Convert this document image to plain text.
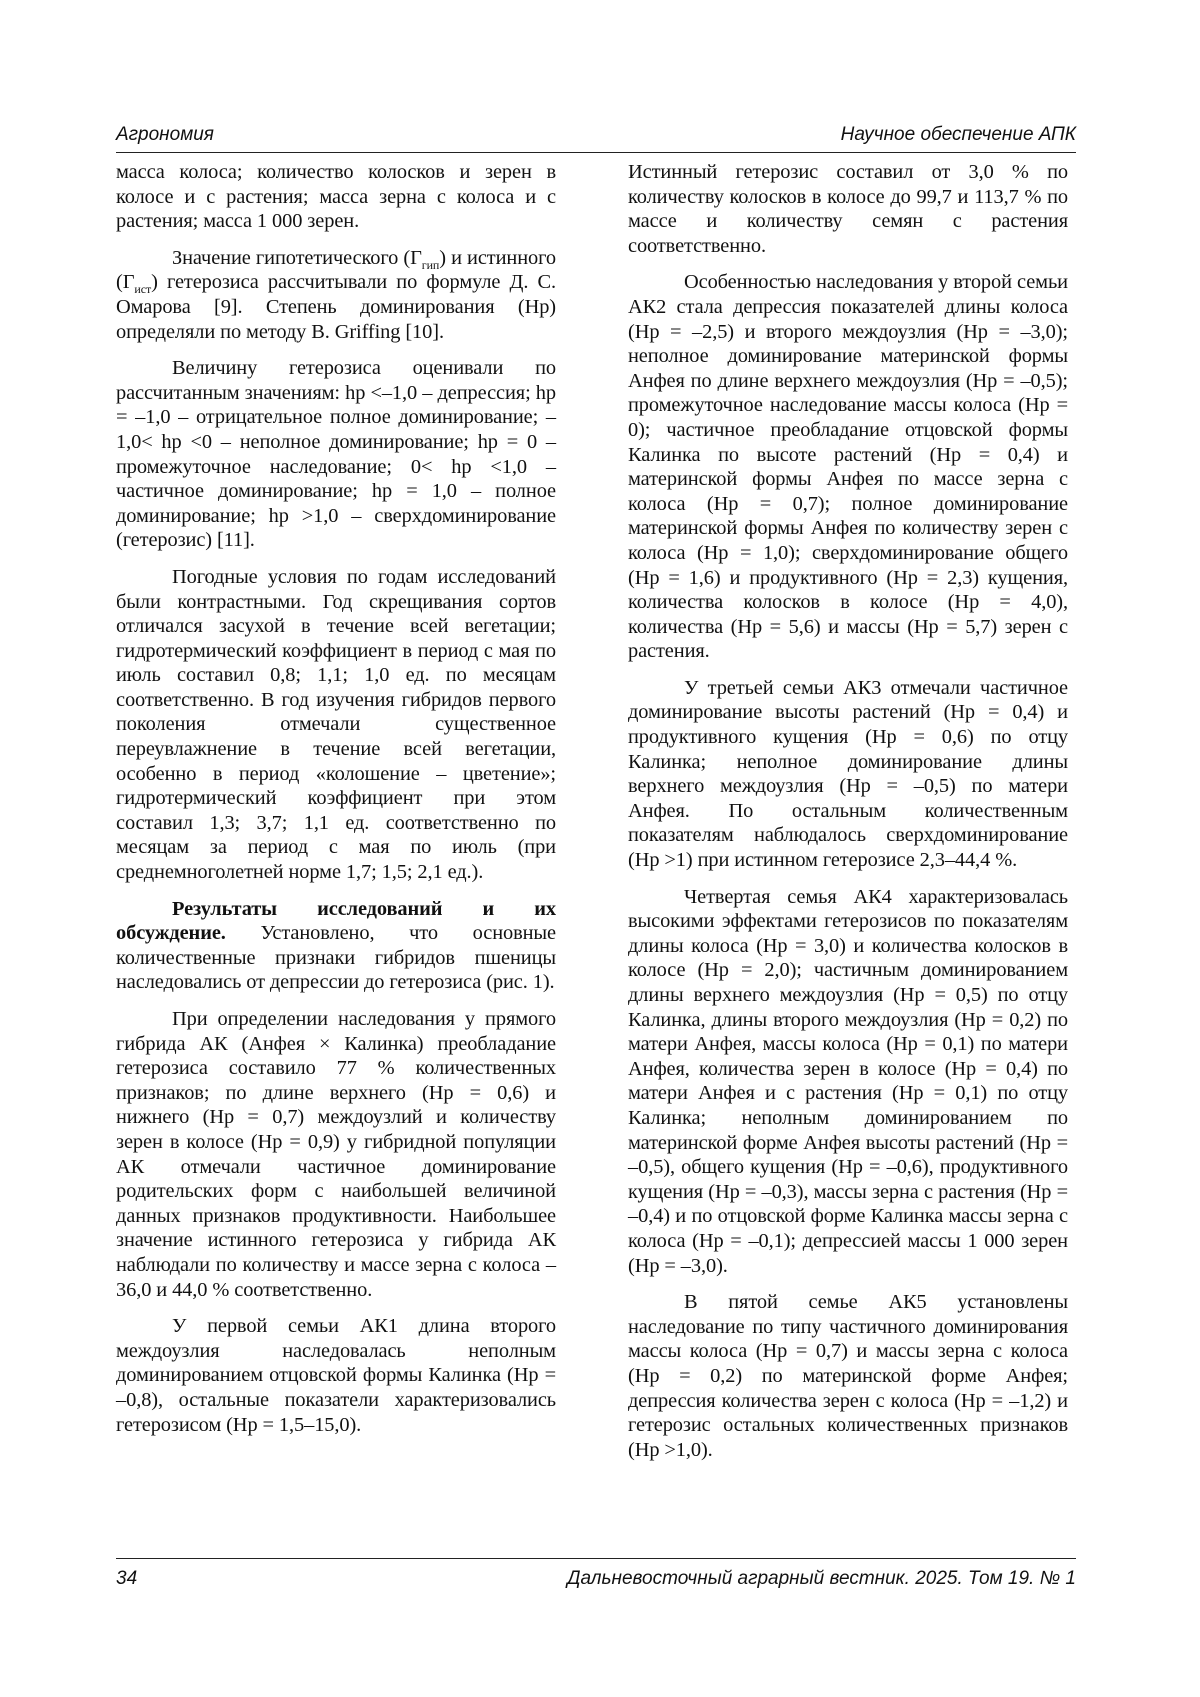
Агрономия	Научное обеспечение АПК

масса колоса; количество колосков и зерен в колосе и с растения; масса зерна с колоса и с растения; масса 1 000 зерен.

Значение гипотетического $(Г_{гип})$ и истинного $(Г_{ист})$ гетерозиса рассчитывали по формуле Д. С. Омарова [9]. Степень доминирования (Hp) определяли по методу B. Griffing [10].

Величину гетерозиса оценивали по рассчитанным значениям: hp <–1,0 – депрессия; hp = –1,0 – отрицательное полное доминирование; –1,0< hp <0 – неполное доминирование; hp = 0 – промежуточное наследование; 0< hp <1,0 – частичное доминирование; hp = 1,0 – полное доминирование; hp >1,0 – сверхдоминирование (гетерозис) [11].

Погодные условия по годам исследований были контрастными. Год скрещивания сортов отличался засухой в течение всей вегетации; гидротермический коэффициент в период с мая по июль составил 0,8; 1,1; 1,0 ед. по месяцам соответственно. В год изучения гибридов первого поколения отмечали существенное переувлажнение в течение всей вегетации, особенно в период «колошение – цветение»; гидротермический коэффициент при этом составил 1,3; 3,7; 1,1 ед. соответственно по месяцам за период с мая по июль (при среднемноголетней норме 1,7; 1,5; 2,1 ед.).

Результаты исследований и их обсуждение. Установлено, что основные количественные признаки гибридов пшеницы наследовались от депрессии до гетерозиса (рис. 1).

При определении наследования у прямого гибрида АК (Анфея × Калинка) преобладание гетерозиса составило 77 % количественных признаков; по длине верхнего (Hp = 0,6) и нижнего (Hp = 0,7) междоузлий и количеству зерен в колосе (Hp = 0,9) у гибридной популяции АК отмечали частичное доминирование родительских форм с наибольшей величиной данных признаков продуктивности. Наибольшее значение истинного гетерозиса у гибрида АК наблюдали по количеству и массе зерна с колоса – 36,0 и 44,0 % соответственно.

У первой семьи АК1 длина второго междоузлия наследовалась неполным доминированием отцовской формы Калинка (Hp = –0,8), остальные показатели характеризовались гетерозисом (Hp = 1,5–15,0).

Истинный гетерозис составил от 3,0 % по количеству колосков в колосе до 99,7 и 113,7 % по массе и количеству семян с растения соответственно.

Особенностью наследования у второй семьи АК2 стала депрессия показателей длины колоса (Hp = –2,5) и второго междоузлия (Hp = –3,0); неполное доминирование материнской формы Анфея по длине верхнего междоузлия (Hp = –0,5); промежуточное наследование массы колоса (Hp = 0); частичное преобладание отцовской формы Калинка по высоте растений (Hp = 0,4) и материнской формы Анфея по массе зерна с колоса (Hp = 0,7); полное доминирование материнской формы Анфея по количеству зерен с колоса (Hp = 1,0); сверхдоминирование общего (Hp = 1,6) и продуктивного (Hp = 2,3) кущения, количества колосков в колосе (Hp = 4,0), количества (Hp = 5,6) и массы (Hp = 5,7) зерен с растения.

У третьей семьи АК3 отмечали частичное доминирование высоты растений (Hp = 0,4) и продуктивного кущения (Hp = 0,6) по отцу Калинка; неполное доминирование длины верхнего междоузлия (Hp = –0,5) по матери Анфея. По остальным количественным показателям наблюдалось сверхдоминирование (Hp >1) при истинном гетерозисе 2,3–44,4 %.

Четвертая семья АК4 характеризовалась высокими эффектами гетерозисов по показателям длины колоса (Hp = 3,0) и количества колосков в колосе (Hp = 2,0); частичным доминированием длины верхнего междоузлия (Hp = 0,5) по отцу Калинка, длины второго междоузлия (Hp = 0,2) по матери Анфея, массы колоса (Hp = 0,1) по матери Анфея, количества зерен в колосе (Hp = 0,4) по матери Анфея и с растения (Hp = 0,1) по отцу Калинка; неполным доминированием по материнской форме Анфея высоты растений (Hp = –0,5), общего кущения (Hp = –0,6), продуктивного кущения (Hp = –0,3), массы зерна с растения (Hp = –0,4) и по отцовской форме Калинка массы зерна с колоса (Hp = –0,1); депрессией массы 1 000 зерен (Hp = –3,0).

В пятой семье АК5 установлены наследование по типу частичного доминирования массы колоса (Hp = 0,7) и массы зерна с колоса (Hp = 0,2) по материнской форме Анфея; депрессия количества зерен с колоса (Hp = –1,2) и гетерозис остальных количественных признаков (Hp >1,0).

34	Дальневосточный аграрный вестник. 2025. Том 19. № 1
